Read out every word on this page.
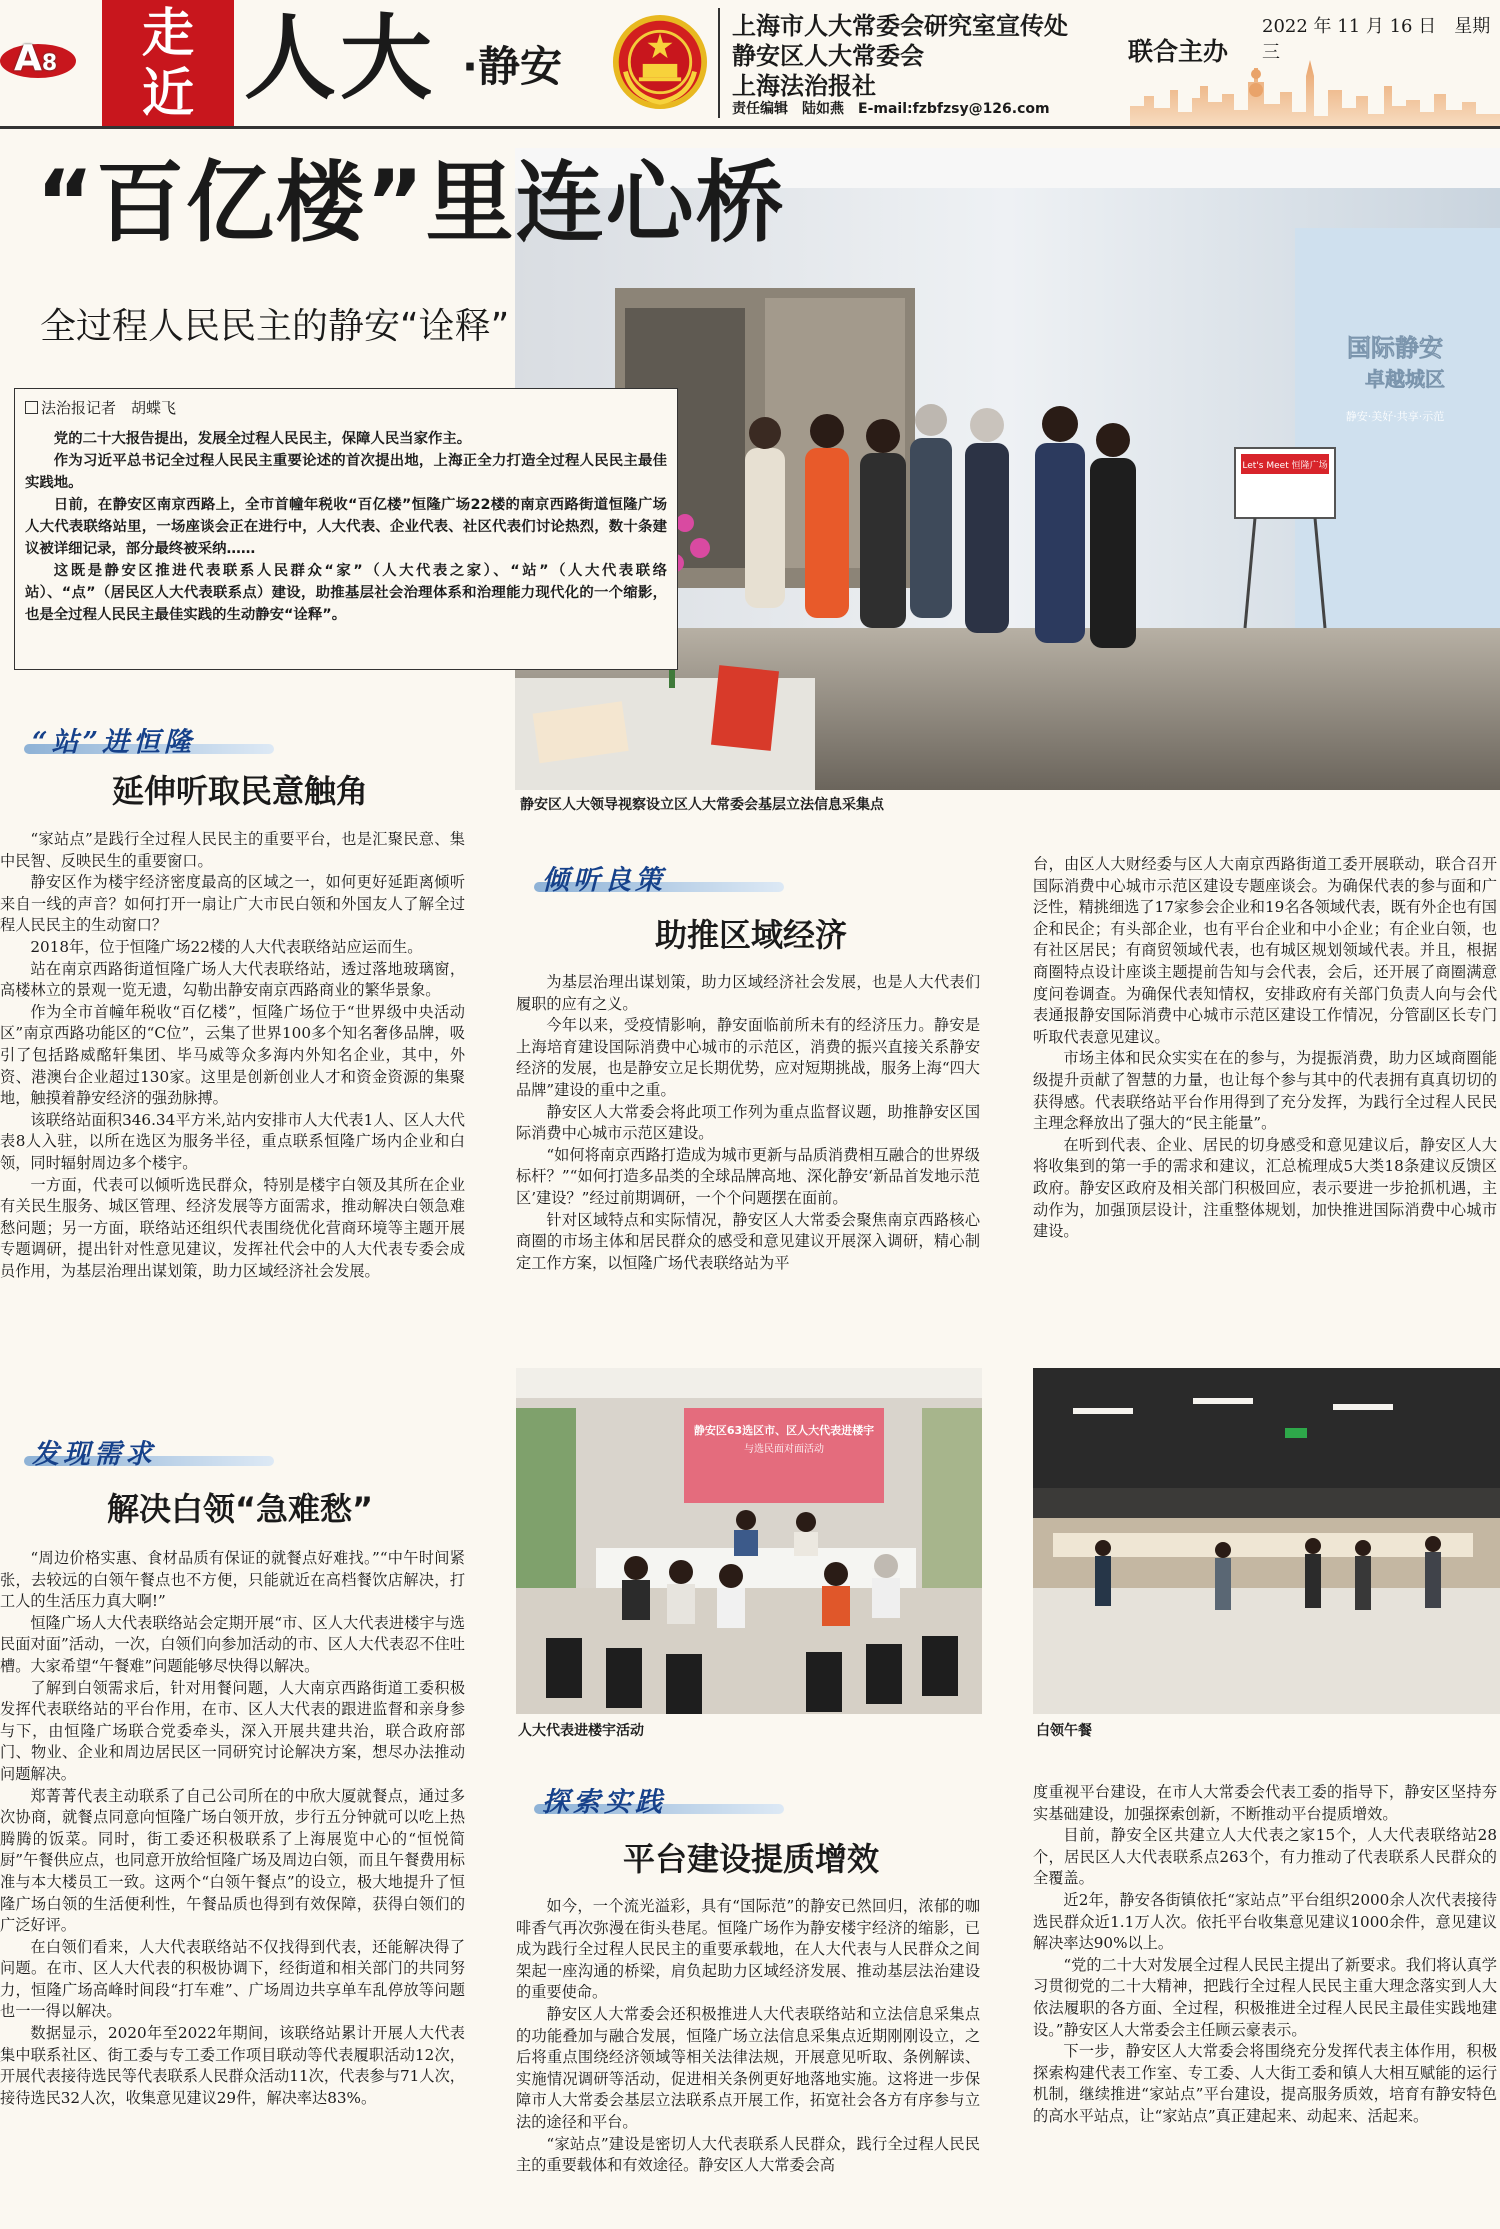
A8	走
近 人大 ·静安
上海市人大常委会研究室宣传处
静安区人大常委会
上海法治报社
责任编辑　陆如燕　E-mail:fzbfzsy@126.com
联合主办
2022 年 11 月 16 日　星期三
“百亿楼”里连心桥
全过程人民民主的静安“诠释”
Let's Meet 恒隆广场
国际静安
卓越城区
静安·美好·共享·示范
法治报记者　胡蝶飞

党的二十大报告提出，发展全过程人民民主，保障人民当家作主。

作为习近平总书记全过程人民民主重要论述的首次提出地，上海正全力打造全过程人民民主最佳实践地。

日前，在静安区南京西路上，全市首幢年税收“百亿楼”恒隆广场22楼的南京西路街道恒隆广场人大代表联络站里，一场座谈会正在进行中，人大代表、企业代表、社区代表们讨论热烈，数十条建议被详细记录，部分最终被采纳……

这既是静安区推进代表联系人民群众“家”（人大代表之家）、“站”（人大代表联络站）、“点”（居民区人大代表联系点）建设，助推基层社会治理体系和治理能力现代化的一个缩影，也是全过程人民民主最佳实践的生动静安“诠释”。

静安区人大领导视察设立区人大常委会基层立法信息采集点
“站”进恒隆
延伸听取民意触角

“家站点”是践行全过程人民民主的重要平台，也是汇聚民意、集中民智、反映民生的重要窗口。

静安区作为楼宇经济密度最高的区域之一，如何更好延距离倾听来自一线的声音？如何打开一扇让广大市民白领和外国友人了解全过程人民民主的生动窗口？

2018年，位于恒隆广场22楼的人大代表联络站应运而生。

站在南京西路街道恒隆广场人大代表联络站，透过落地玻璃窗，高楼林立的景观一览无遗，勾勒出静安南京西路商业的繁华景象。

作为全市首幢年税收“百亿楼”，恒隆广场位于“世界级中央活动区”南京西路功能区的“C位”，云集了世界100多个知名奢侈品牌，吸引了包括路威酩轩集团、毕马威等众多海内外知名企业，其中，外资、港澳台企业超过130家。这里是创新创业人才和资金资源的集聚地，触摸着静安经济的强劲脉搏。

该联络站面积346.34平方米,站内安排市人大代表1人、区人大代表8人入驻，以所在选区为服务半径，重点联系恒隆广场内企业和白领，同时辐射周边多个楼宇。

一方面，代表可以倾听选民群众，特别是楼宇白领及其所在企业有关民生服务、城区管理、经济发展等方面需求，推动解决白领急难愁问题；另一方面，联络站还组织代表围绕优化营商环境等主题开展专题调研，提出针对性意见建议，发挥社代会中的人大代表专委会成员作用，为基层治理出谋划策，助力区域经济社会发展。

发现需求
解决白领“急难愁”

“周边价格实惠、食材品质有保证的就餐点好难找。”“中午时间紧张，去较远的白领午餐点也不方便，只能就近在高档餐饮店解决，打工人的生活压力真大啊!”

恒隆广场人大代表联络站会定期开展“市、区人大代表进楼宇与选民面对面”活动，一次，白领们向参加活动的市、区人大代表忍不住吐槽。大家希望“午餐难”问题能够尽快得以解决。

了解到白领需求后，针对用餐问题，人大南京西路街道工委积极发挥代表联络站的平台作用，在市、区人大代表的跟进监督和亲身参与下，由恒隆广场联合党委牵头，深入开展共建共治，联合政府部门、物业、企业和周边居民区一同研究讨论解决方案，想尽办法推动问题解决。

郑菁菁代表主动联系了自己公司所在的中欣大厦就餐点，通过多次协商，就餐点同意向恒隆广场白领开放，步行五分钟就可以吃上热腾腾的饭菜。同时，街工委还积极联系了上海展览中心的“恒悦简厨”午餐供应点，也同意开放给恒隆广场及周边白领，而且午餐费用标准与本大楼员工一致。这两个“白领午餐点”的设立，极大地提升了恒隆广场白领的生活便利性，午餐品质也得到有效保障，获得白领们的广泛好评。

在白领们看来，人大代表联络站不仅找得到代表，还能解决得了问题。在市、区人大代表的积极协调下，经街道和相关部门的共同努力，恒隆广场高峰时间段“打车难”、广场周边共享单车乱停放等问题也一一得以解决。

数据显示，2020年至2022年期间，该联络站累计开展人大代表集中联系社区、街工委与专工委工作项目联动等代表履职活动12次，开展代表接待选民等代表联系人民群众活动11次，代表参与71人次，接待选民32人次，收集意见建议29件，解决率达83%。

倾听良策
助推区域经济

为基层治理出谋划策，助力区域经济社会发展，也是人大代表们履职的应有之义。

今年以来，受疫情影响，静安面临前所未有的经济压力。静安是上海培育建设国际消费中心城市的示范区，消费的振兴直接关系静安经济的发展，也是静安立足长期优势，应对短期挑战，服务上海“四大品牌”建设的重中之重。

静安区人大常委会将此项工作列为重点监督议题，助推静安区国际消费中心城市示范区建设。

“如何将南京西路打造成为城市更新与品质消费相互融合的世界级标杆？”“如何打造多品类的全球品牌高地、深化静安‘新品首发地示范区’建设？”经过前期调研，一个个问题摆在面前。

针对区域特点和实际情况，静安区人大常委会聚焦南京西路核心商圈的市场主体和居民群众的感受和意见建议开展深入调研，精心制定工作方案，以恒隆广场代表联络站为平

台，由区人大财经委与区人大南京西路街道工委开展联动，联合召开国际消费中心城市示范区建设专题座谈会。为确保代表的参与面和广泛性，精挑细选了17家参会企业和19名各领域代表，既有外企也有国企和民企；有头部企业，也有平台企业和中小企业；有企业白领，也有社区居民；有商贸领域代表，也有城区规划领域代表。并且，根据商圈特点设计座谈主题提前告知与会代表，会后，还开展了商圈满意度问卷调查。为确保代表知情权，安排政府有关部门负责人向与会代表通报静安国际消费中心城市示范区建设工作情况，分管副区长专门听取代表意见建议。

市场主体和民众实实在在的参与，为提振消费，助力区域商圈能级提升贡献了智慧的力量，也让每个参与其中的代表拥有真真切切的获得感。代表联络站平台作用得到了充分发挥，为践行全过程人民民主理念释放出了强大的“民主能量”。

在听到代表、企业、居民的切身感受和意见建议后，静安区人大将收集到的第一手的需求和建议，汇总梳理成5大类18条建议反馈区政府。静安区政府及相关部门积极回应，表示要进一步抢抓机遇，主动作为，加强顶层设计，注重整体规划，加快推进国际消费中心城市建设。

静安区63选区市、区人大代表进楼宇
与选民面对面活动
人大代表进楼宇活动	白领午餐
探索实践
平台建设提质增效

如今，一个流光溢彩，具有“国际范”的静安已然回归，浓郁的咖啡香气再次弥漫在街头巷尾。恒隆广场作为静安楼宇经济的缩影，已成为践行全过程人民民主的重要承载地，在人大代表与人民群众之间架起一座沟通的桥梁，肩负起助力区域经济发展、推动基层法治建设的重要使命。

静安区人大常委会还积极推进人大代表联络站和立法信息采集点的功能叠加与融合发展，恒隆广场立法信息采集点近期刚刚设立，之后将重点围绕经济领域等相关法律法规，开展意见听取、条例解读、实施情况调研等活动，促进相关条例更好地落地实施。这将进一步保障市人大常委会基层立法联系点开展工作，拓宽社会各方有序参与立法的途径和平台。

“家站点”建设是密切人大代表联系人民群众，践行全过程人民民主的重要载体和有效途径。静安区人大常委会高

度重视平台建设，在市人大常委会代表工委的指导下，静安区坚持夯实基础建设，加强探索创新，不断推动平台提质增效。

目前，静安全区共建立人大代表之家15个，人大代表联络站28个，居民区人大代表联系点263个，有力推动了代表联系人民群众的全覆盖。

近2年，静安各街镇依托“家站点”平台组织2000余人次代表接待选民群众近1.1万人次。依托平台收集意见建议1000余件，意见建议解决率达90%以上。

“党的二十大对发展全过程人民民主提出了新要求。我们将认真学习贯彻党的二十大精神，把践行全过程人民民主重大理念落实到人大依法履职的各方面、全过程，积极推进全过程人民民主最佳实践地建设。”静安区人大常委会主任顾云豪表示。

下一步，静安区人大常委会将围绕充分发挥代表主体作用，积极探索构建代表工作室、专工委、人大街工委和镇人大相互赋能的运行机制，继续推进“家站点”平台建设，提高服务质效，培育有静安特色的高水平站点，让“家站点”真正建起来、动起来、活起来。
